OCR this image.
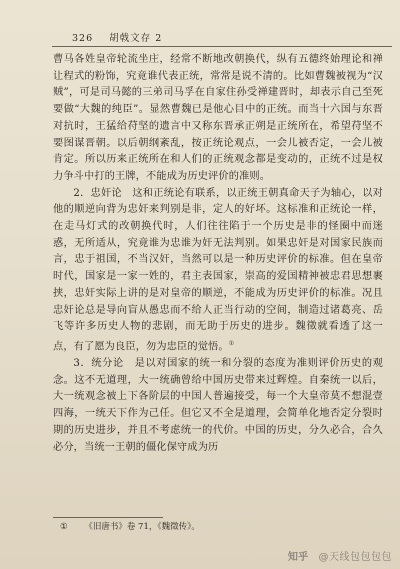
326 胡戟文存 2

曹马各姓皇帝轮流坐庄，经常不断地改朝换代，纵有五德终始理论和禅让程式的粉饰，究竟谁代表正统，常常是说不清的。比如曹魏被视为“汉贼”，可是司马懿的三弟司马孚在自家住孙受禅建晋时，却表示自己至死要做“大魏的纯臣”。显然曹魏已是他心目中的正统。而当十六国与东晋对抗时，王猛给苻坚的遗言中又称东晋承正朔是正统所在，希望苻坚不要图谋晋朝。以后朝纲紊乱，按正统论观点，一会儿被否定，一会儿被肯定。所以历来正统所在和人们的正统观念都是变动的，正统不过是权力争斗中打的王牌，不能成为历史评价的准则。

2．忠奸论　这和正统论有联系，以正统王朝真命天子为轴心，以对他的顺逆向背为忠奸来判别是非，定人的好坏。这标准和正统论一样，在走马灯式的改朝换代时，人们往往陷于一个历史是非的怪圈中而迷惑，无所适从，究竟谁为忠谁为奸无法判别。如果忠奸是对国家民族而言，忠于祖国，不当汉奸，当然可以是一种历史评价的标准。但在皇帝时代，国家是一家一姓的，君主表国家，崇高的爱国精神被忠君思想裹挟，忠奸实际上讲的是对皇帝的顺逆，不能成为历史评价的标准。况且忠奸论总是导向盲从愚忠而不给人正当行动的空间，制造过诸葛亮、岳飞等许多历史人物的悲剧，而无助于历史的进步。魏徵就看透了这一点，有了愿为良臣，勿为忠臣的觉悟。①

3．统分论　是以对国家的统一和分裂的态度为准则评价历史的观念。这不无道理，大一统确曾给中国历史带来过辉煌。自秦统一以后，大一统观念被上下各阶层的中国人普遍接受，每一个大皇帝莫不想混壹四海，一统天下作为己任。但它又不全是道理，会简单化地否定分裂时期的历史进步，并且不考虑统一的代价。中国的历史，分久必合，合久必分，当统一王朝的僵化保守成为历

① 《旧唐书》卷 71，《魏徵传》。
知乎 @天线包包包包
